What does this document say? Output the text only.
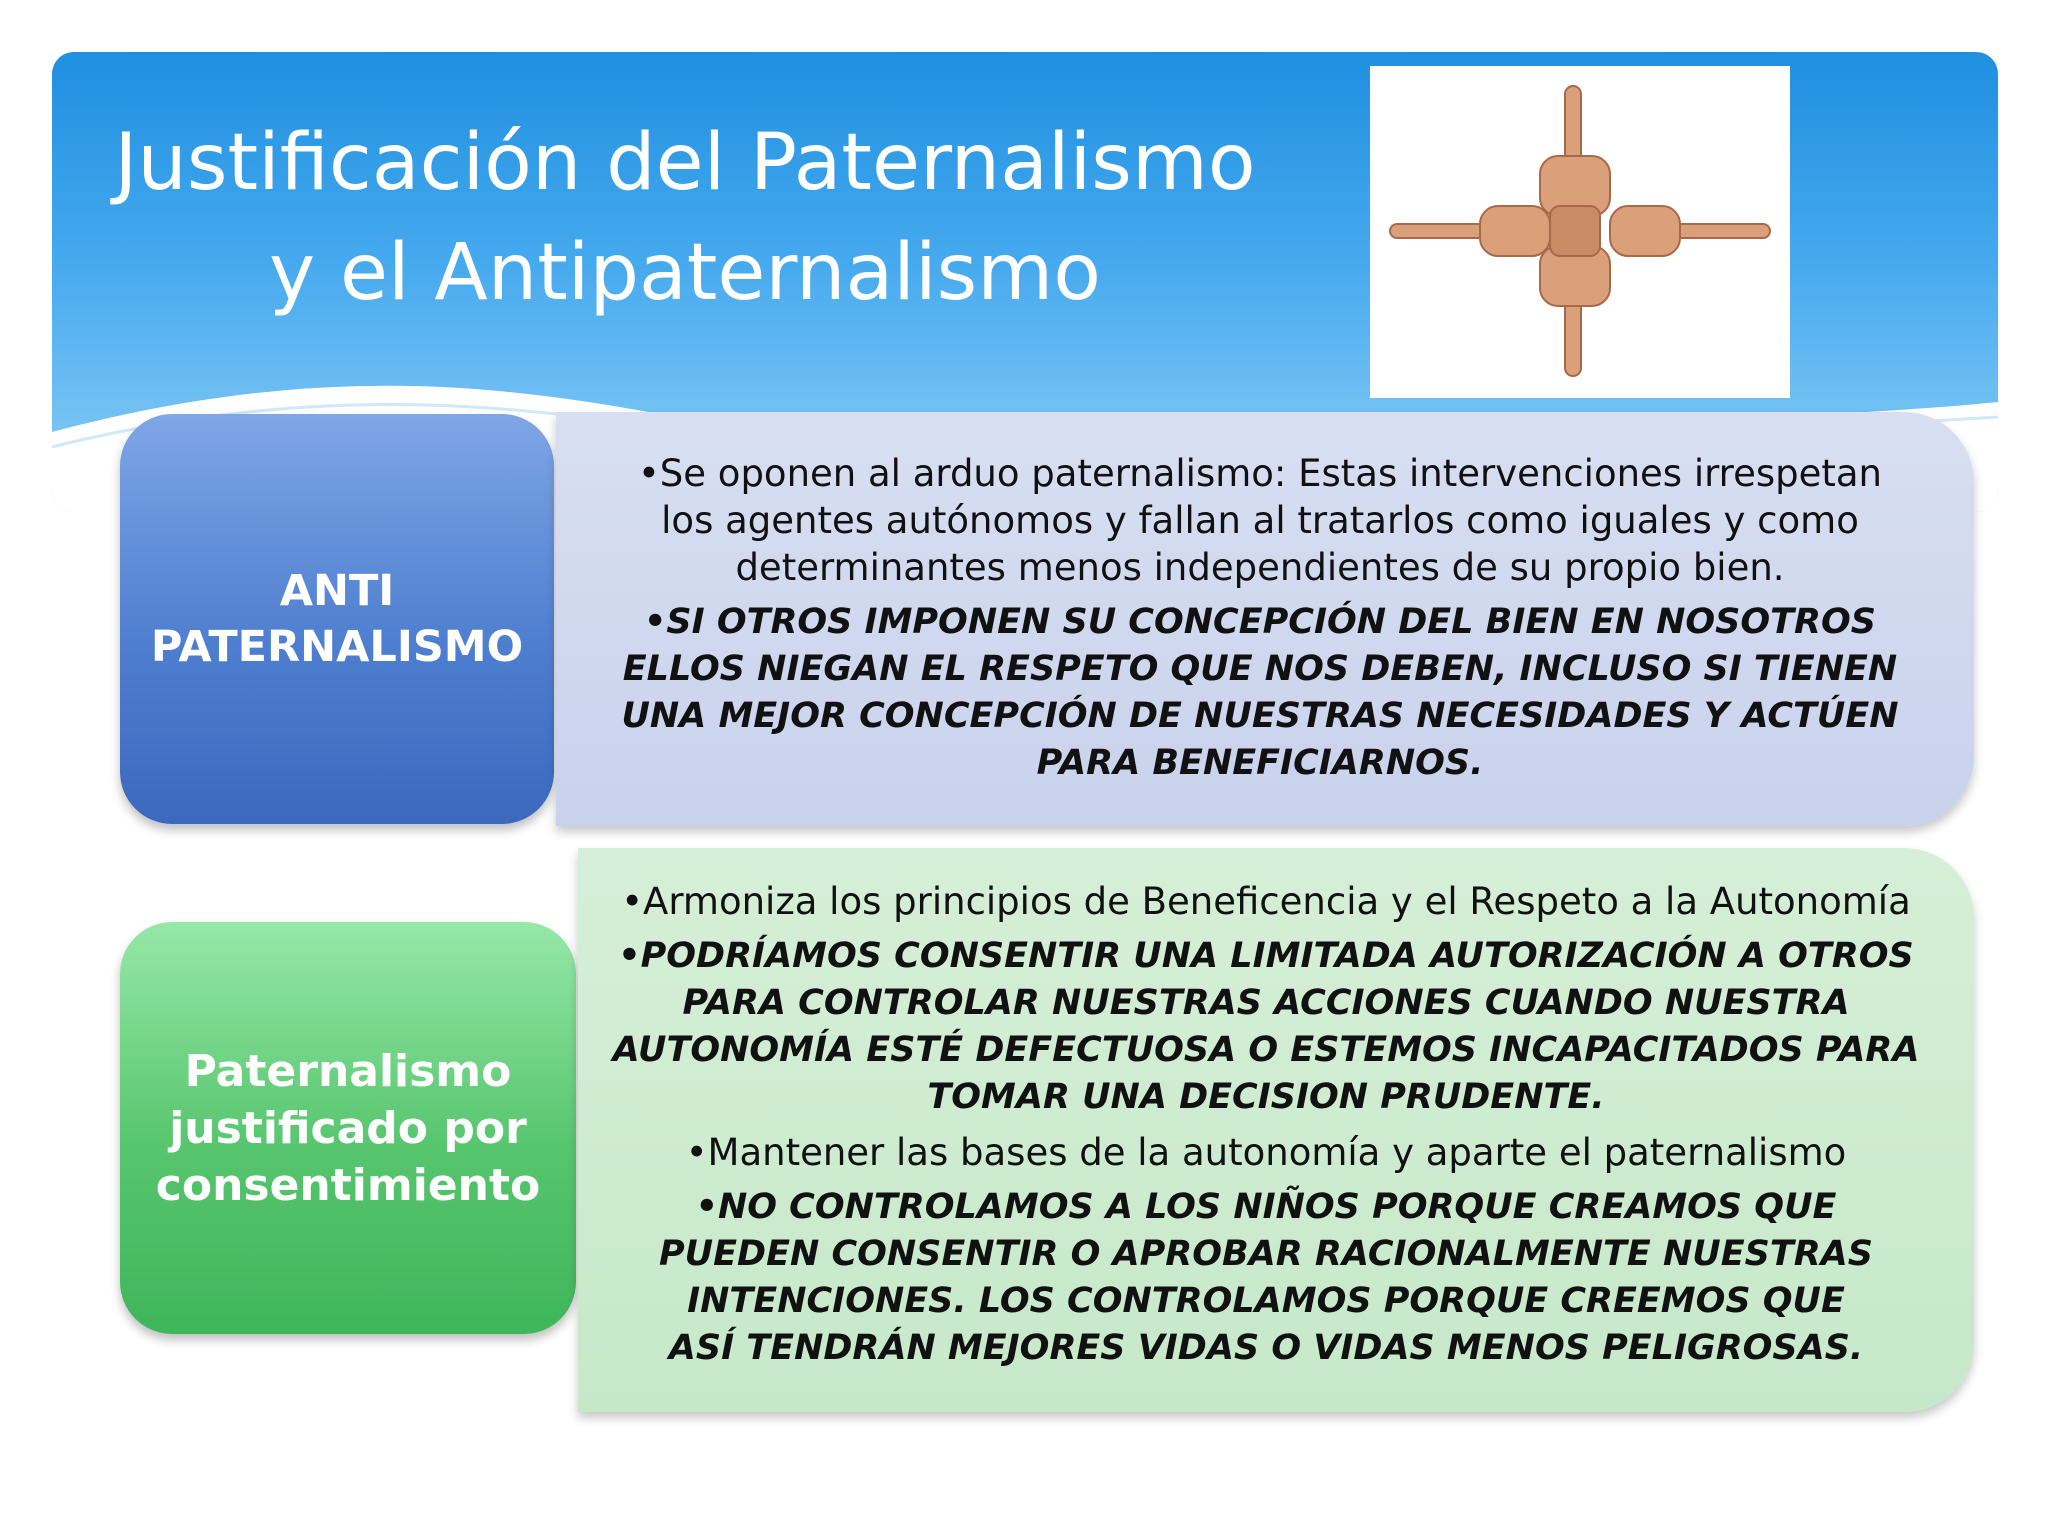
Justificación del Paternalismo
y el Antipaternalismo
ANTI
PATERNALISMO

•Se oponen al arduo paternalismo: Estas intervenciones irrespetan los agentes autónomos y fallan al tratarlos como iguales y como determinantes menos independientes de su propio bien.

•SI OTROS IMPONEN SU CONCEPCIÓN DEL BIEN EN NOSOTROS ELLOS NIEGAN EL RESPETO QUE NOS DEBEN, INCLUSO SI TIENEN UNA MEJOR CONCEPCIÓN DE NUESTRAS NECESIDADES Y ACTÚEN PARA BENEFICIARNOS.

Paternalismo
justificado por
consentimiento

•Armoniza los principios de Beneficencia y el Respeto a la Autonomía

•PODRÍAMOS CONSENTIR UNA LIMITADA AUTORIZACIÓN A OTROS PARA CONTROLAR NUESTRAS ACCIONES CUANDO NUESTRA AUTONOMÍA ESTÉ DEFECTUOSA O ESTEMOS INCAPACITADOS PARA TOMAR UNA DECISION PRUDENTE.

•Mantener las bases de la autonomía y aparte el paternalismo

•NO CONTROLAMOS A LOS NIÑOS PORQUE CREAMOS QUE PUEDEN CONSENTIR O APROBAR RACIONALMENTE NUESTRAS INTENCIONES. LOS CONTROLAMOS PORQUE CREEMOS QUE ASÍ TENDRÁN MEJORES VIDAS O VIDAS MENOS PELIGROSAS.
